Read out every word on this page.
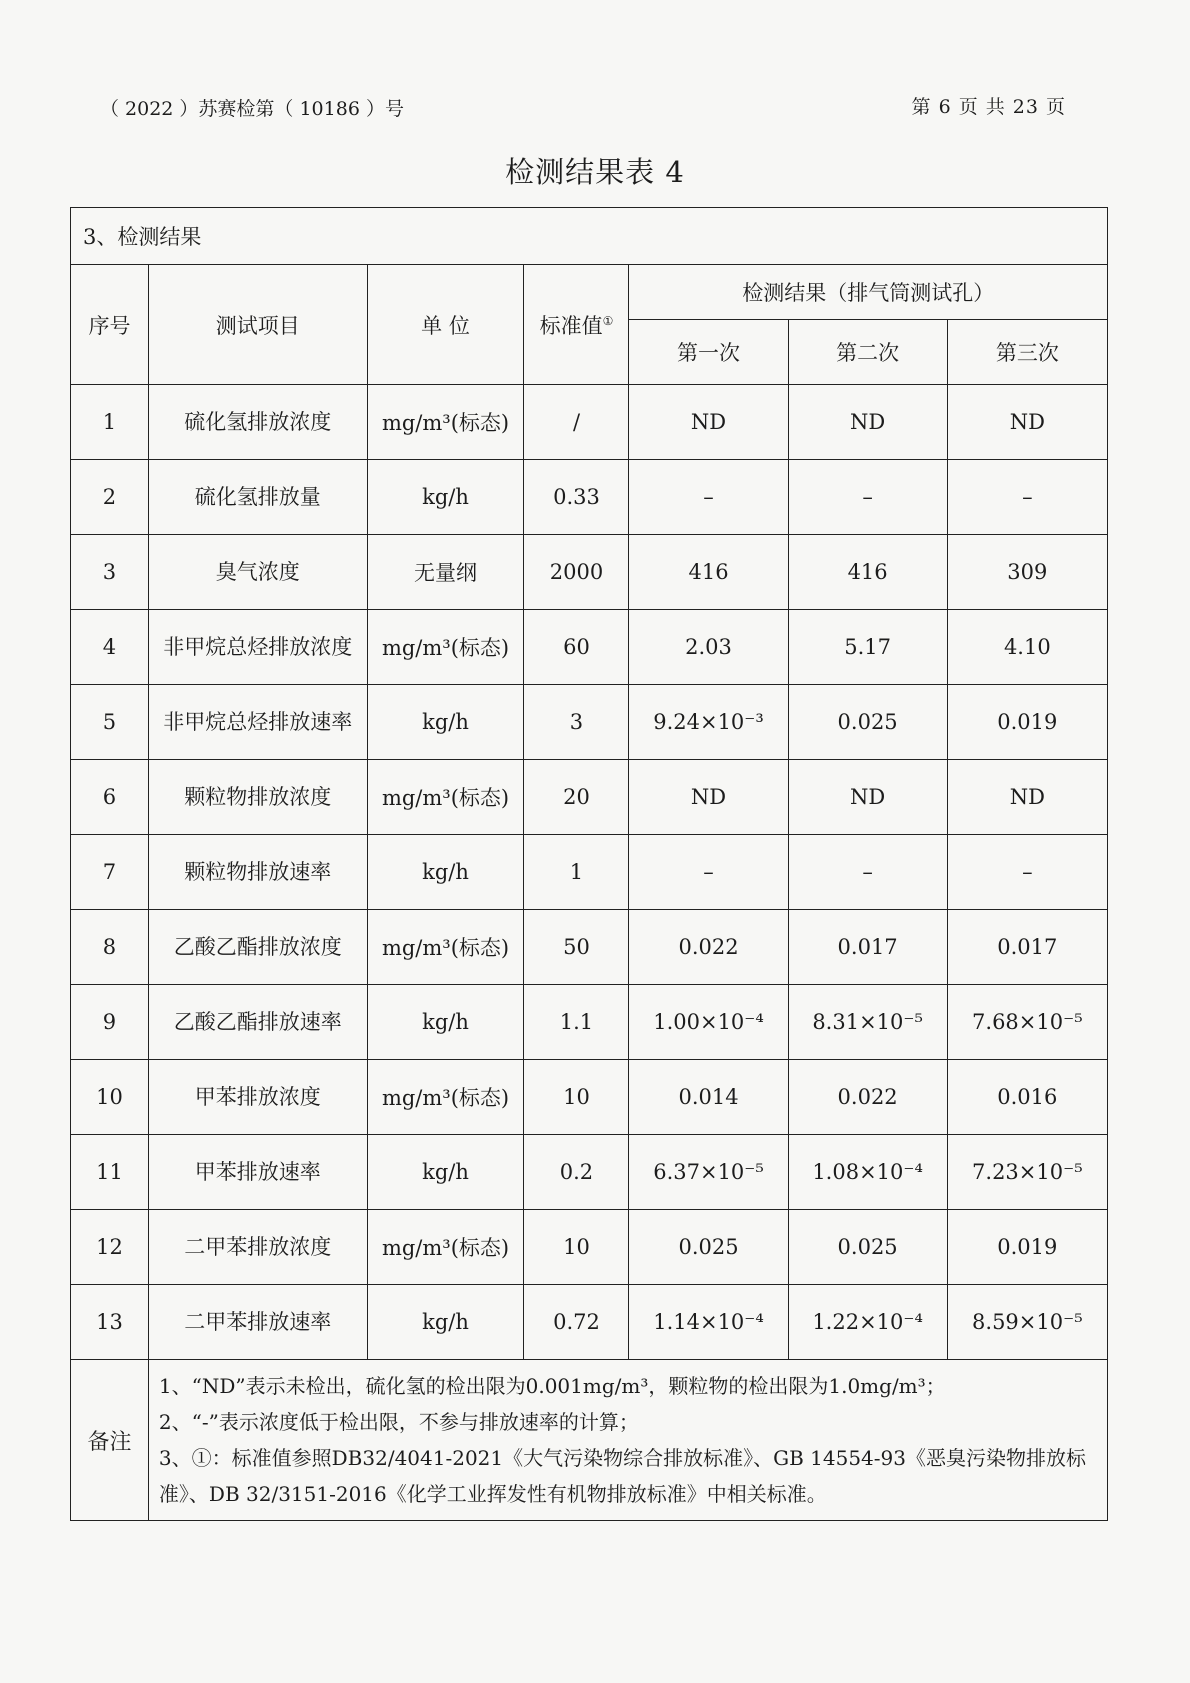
（ 2022 ）苏赛检第（ 10186 ）号	第 6 页 共 23 页
检测结果表 4
3、检测结果						
序号	测试项目	单 位	标准值①	检测结果（排气筒测试孔）		
				第一次	第二次	第三次
1	硫化氢排放浓度	mg/m³(标态)	/	ND	ND	ND
2	硫化氢排放量	kg/h	0.33	–	–	–
3	臭气浓度	无量纲	2000	416	416	309
4	非甲烷总烃排放浓度	mg/m³(标态)	60	2.03	5.17	4.10
5	非甲烷总烃排放速率	kg/h	3	9.24×10⁻³	0.025	0.019
6	颗粒物排放浓度	mg/m³(标态)	20	ND	ND	ND
7	颗粒物排放速率	kg/h	1	–	–	–
8	乙酸乙酯排放浓度	mg/m³(标态)	50	0.022	0.017	0.017
9	乙酸乙酯排放速率	kg/h	1.1	1.00×10⁻⁴	8.31×10⁻⁵	7.68×10⁻⁵
10	甲苯排放浓度	mg/m³(标态)	10	0.014	0.022	0.016
11	甲苯排放速率	kg/h	0.2	6.37×10⁻⁵	1.08×10⁻⁴	7.23×10⁻⁵
12	二甲苯排放浓度	mg/m³(标态)	10	0.025	0.025	0.019
13	二甲苯排放速率	kg/h	0.72	1.14×10⁻⁴	1.22×10⁻⁴	8.59×10⁻⁵
备注	1、“ND”表示未检出，硫化氢的检出限为0.001mg/m³，颗粒物的检出限为1.0mg/m³；
2、“-”表示浓度低于检出限，不参与排放速率的计算；
3、①：标准值参照DB32/4041-2021《大气污染物综合排放标准》、GB 14554-93《恶臭污染物排放标准》、DB 32/3151-2016《化学工业挥发性有机物排放标准》中相关标准。					
